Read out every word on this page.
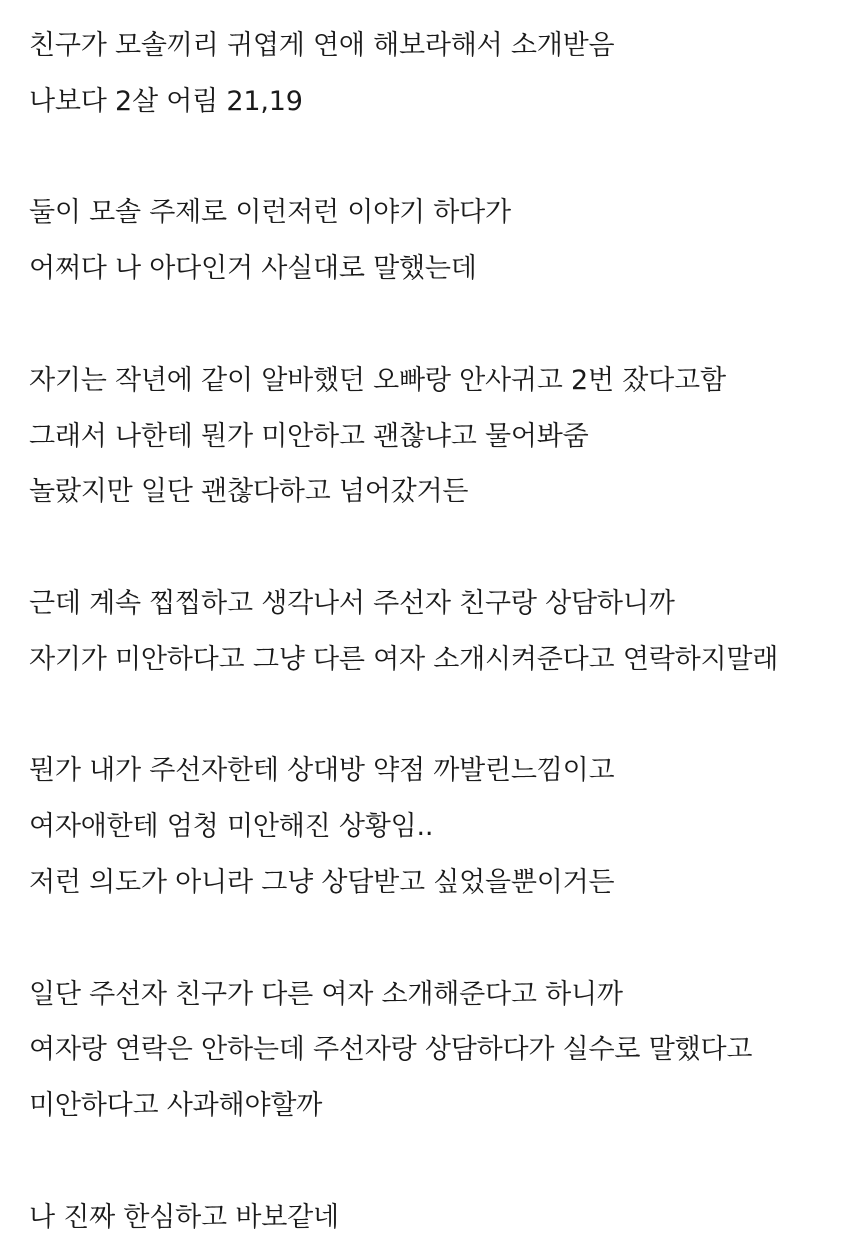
친구가 모솔끼리 귀엽게 연애 해보라해서 소개받음
나보다 2살 어림 21,19
둘이 모솔 주제로 이런저런 이야기 하다가
어쩌다 나 아다인거 사실대로 말했는데
자기는 작년에 같이 알바했던 오빠랑 안사귀고 2번 잤다고함
그래서 나한테 뭔가 미안하고 괜찮냐고 물어봐줌
놀랐지만 일단 괜찮다하고 넘어갔거든
근데 계속 찝찝하고 생각나서 주선자 친구랑 상담하니까
자기가 미안하다고 그냥 다른 여자 소개시켜준다고 연락하지말래
뭔가 내가 주선자한테 상대방 약점 까발린느낌이고
여자애한테 엄청 미안해진 상황임..
저런 의도가 아니라 그냥 상담받고 싶었을뿐이거든
일단 주선자 친구가 다른 여자 소개해준다고 하니까
여자랑 연락은 안하는데 주선자랑 상담하다가 실수로 말했다고
미안하다고 사과해야할까
나 진짜 한심하고 바보같네
